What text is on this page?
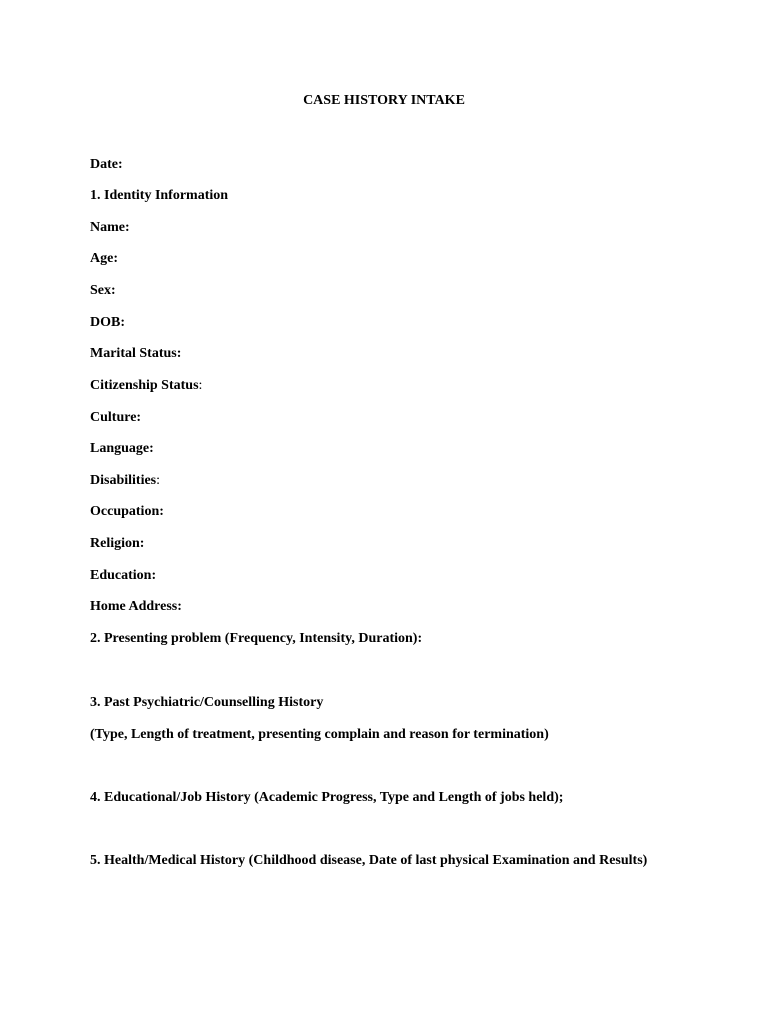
CASE HISTORY INTAKE
Date:
1. Identity Information
Name:
Age:
Sex:
DOB:
Marital Status:
Citizenship Status:
Culture:
Language:
Disabilities:
Occupation:
Religion:
Education:
Home Address:
2. Presenting problem (Frequency, Intensity, Duration):
3. Past Psychiatric/Counselling History
(Type, Length of treatment, presenting complain and reason for termination)
4. Educational/Job History (Academic Progress, Type and Length of jobs held);
5. Health/Medical History (Childhood disease, Date of last physical Examination and Results)
